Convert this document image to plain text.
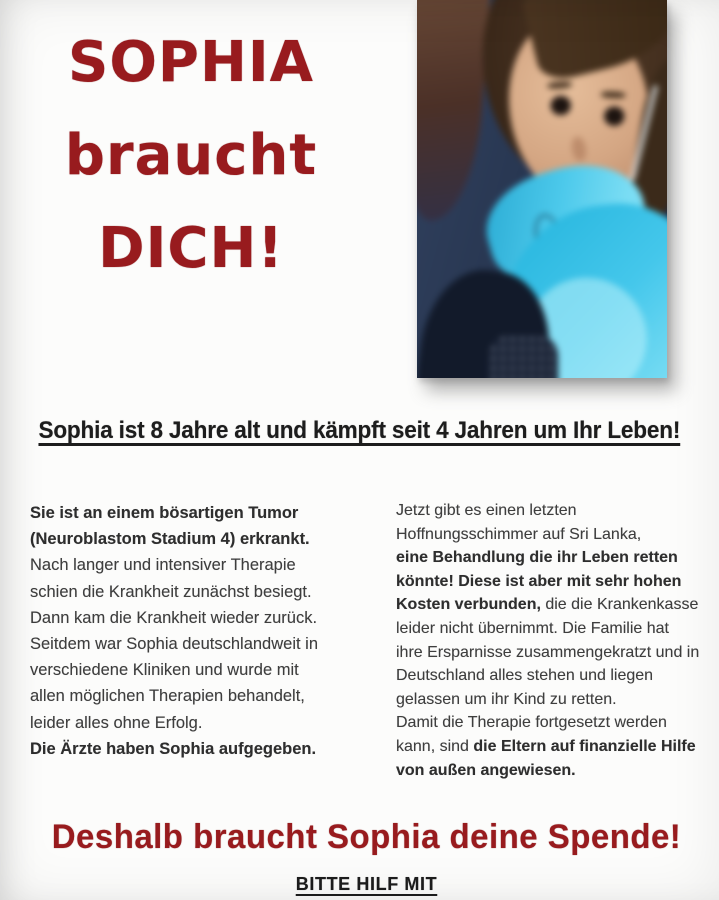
SOPHIA
braucht
DICH!
Sophia ist 8 Jahre alt und kämpft seit 4 Jahren um Ihr Leben!
Sie ist an einem bösartigen Tumor
(Neuroblastom Stadium 4) erkrankt.
Nach langer und intensiver Therapie
schien die Krankheit zunächst besiegt.
Dann kam die Krankheit wieder zurück.
Seitdem war Sophia deutschlandweit in
verschiedene Kliniken und wurde mit
allen möglichen Therapien behandelt,
leider alles ohne Erfolg.
Die Ärzte haben Sophia aufgegeben.
Jetzt gibt es einen letzten
Hoffnungsschimmer auf Sri Lanka,
eine Behandlung die ihr Leben retten
könnte! Diese ist aber mit sehr hohen
Kosten verbunden, die die Krankenkasse
leider nicht übernimmt. Die Familie hat
ihre Ersparnisse zusammengekratzt und in
Deutschland alles stehen und liegen
gelassen um ihr Kind zu retten.
Damit die Therapie fortgesetzt werden
kann, sind die Eltern auf finanzielle Hilfe
von außen angewiesen.
Deshalb braucht Sophia deine Spende!
BITTE HILF MIT
